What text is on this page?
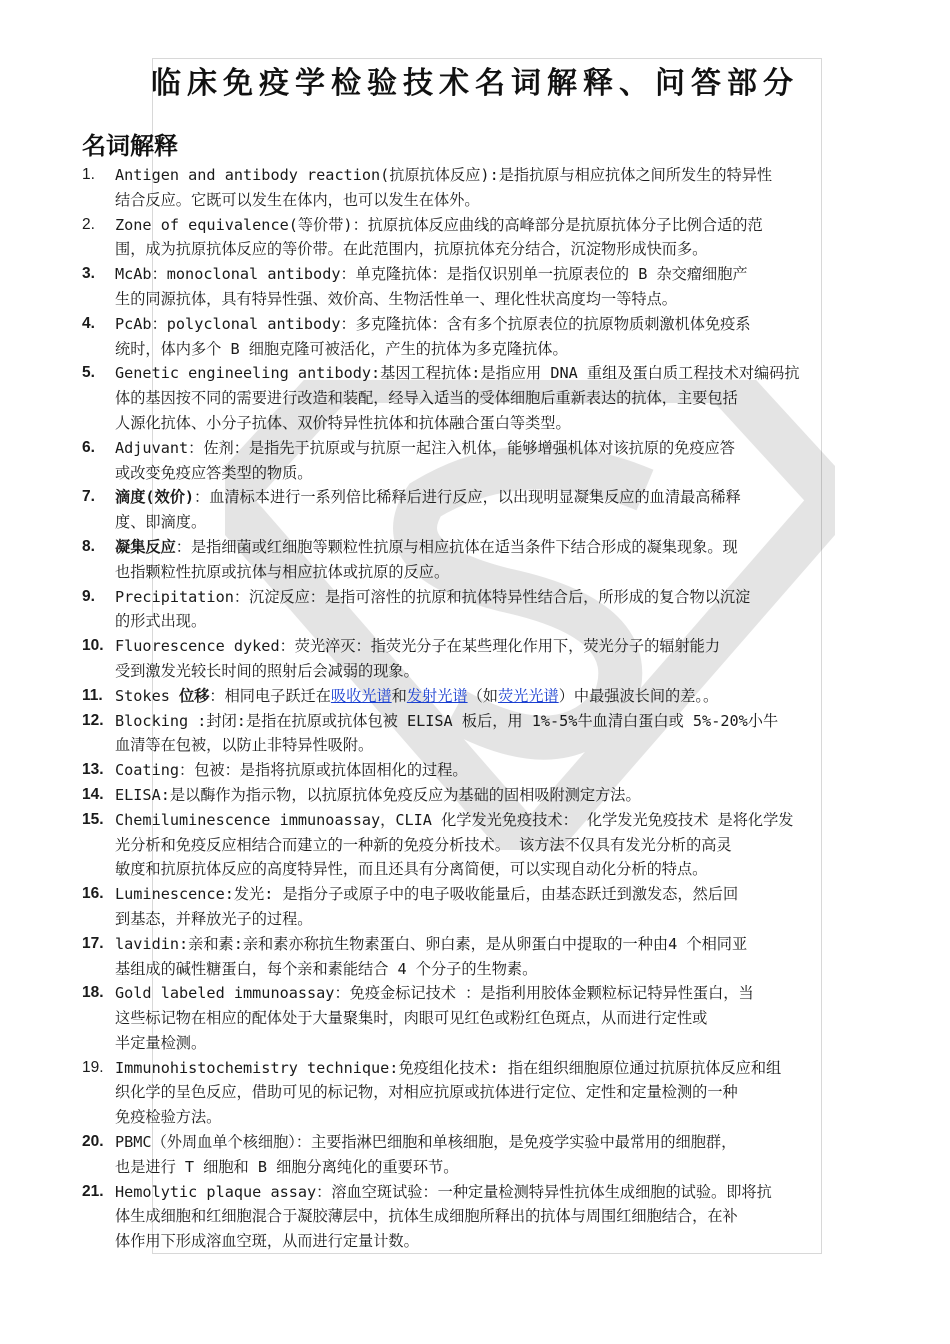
临床免疫学检验技术名词解释、问答部分
名词解释
1.	Antigen and antibody reaction(抗原抗体反应):是指抗原与相应抗体之间所发生的特异性
结合反应。它既可以发生在体内，也可以发生在体外。
2.	Zone of equivalence(等价带)：抗原抗体反应曲线的高峰部分是抗原抗体分子比例合适的范
围，成为抗原抗体反应的等价带。在此范围内，抗原抗体充分结合，沉淀物形成快而多。
3.	McAb：monoclonal antibody：单克隆抗体：是指仅识别单一抗原表位的 B 杂交瘤细胞产
生的同源抗体，具有特异性强、效价高、生物活性单一、理化性状高度均一等特点。
4.	PcAb：polyclonal antibody：多克隆抗体：含有多个抗原表位的抗原物质刺激机体免疫系
统时，体内多个 B 细胞克隆可被活化，产生的抗体为多克隆抗体。
5.	Genetic engineeling antibody:基因工程抗体:是指应用 DNA 重组及蛋白质工程技术对编码抗
体的基因按不同的需要进行改造和装配，经导入适当的受体细胞后重新表达的抗体，主要包括
人源化抗体、小分子抗体、双价特异性抗体和抗体融合蛋白等类型。
6.	Adjuvant：佐剂：是指先于抗原或与抗原一起注入机体，能够增强机体对该抗原的免疫应答
或改变免疫应答类型的物质。
7.	滴度(效价)：血清标本进行一系列倍比稀释后进行反应，以出现明显凝集反应的血清最高稀释
度、即滴度。
8.	凝集反应：是指细菌或红细胞等颗粒性抗原与相应抗体在适当条件下结合形成的凝集现象。现
也指颗粒性抗原或抗体与相应抗体或抗原的反应。
9.	Precipitation：沉淀反应：是指可溶性的抗原和抗体特异性结合后，所形成的复合物以沉淀
的形式出现。
10. Fluorescence dyked：荧光淬灭：指荧光分子在某些理化作用下，荧光分子的辐射能力
受到激发光较长时间的照射后会减弱的现象。
11. Stokes 位移：相同电子跃迁在吸收光谱和发射光谱（如荧光光谱）中最强波长间的差。。
12. Blocking :封闭:是指在抗原或抗体包被 ELISA 板后，用 1%-5%牛血清白蛋白或 5%-20%小牛
血清等在包被，以防止非特异性吸附。
13. Coating：包被：是指将抗原或抗体固相化的过程。
14. ELISA:是以酶作为指示物，以抗原抗体免疫反应为基础的固相吸附测定方法。
15. Chemiluminescence immunoassay，CLIA 化学发光免疫技术： 化学发光免疫技术 是将化学发
光分析和免疫反应相结合而建立的一种新的免疫分析技术。 该方法不仅具有发光分析的高灵
敏度和抗原抗体反应的高度特异性，而且还具有分离简便，可以实现自动化分析的特点。
16. Luminescence:发光: 是指分子或原子中的电子吸收能量后，由基态跃迁到激发态，然后回
到基态，并释放光子的过程。
17. lavidin:亲和素:亲和素亦称抗生物素蛋白、卵白素，是从卵蛋白中提取的一种由4 个相同亚
基组成的碱性糖蛋白，每个亲和素能结合 4 个分子的生物素。
18. Gold labeled immunoassay：免疫金标记技术 ：是指利用胶体金颗粒标记特异性蛋白，当
这些标记物在相应的配体处于大量聚集时，肉眼可见红色或粉红色斑点，从而进行定性或
半定量检测。
19. Immunohistochemistry technique:免疫组化技术: 指在组织细胞原位通过抗原抗体反应和组
织化学的呈色反应，借助可见的标记物，对相应抗原或抗体进行定位、定性和定量检测的一种
免疫检验方法。
20. PBMC（外周血单个核细胞）：主要指淋巴细胞和单核细胞，是免疫学实验中最常用的细胞群，
也是进行 T 细胞和 B 细胞分离纯化的重要环节。
21. Hemolytic plaque assay：溶血空斑试验：一种定量检测特异性抗体生成细胞的试验。即将抗
体生成细胞和红细胞混合于凝胶薄层中，抗体生成细胞所释出的抗体与周围红细胞结合，在补
体作用下形成溶血空斑，从而进行定量计数。
